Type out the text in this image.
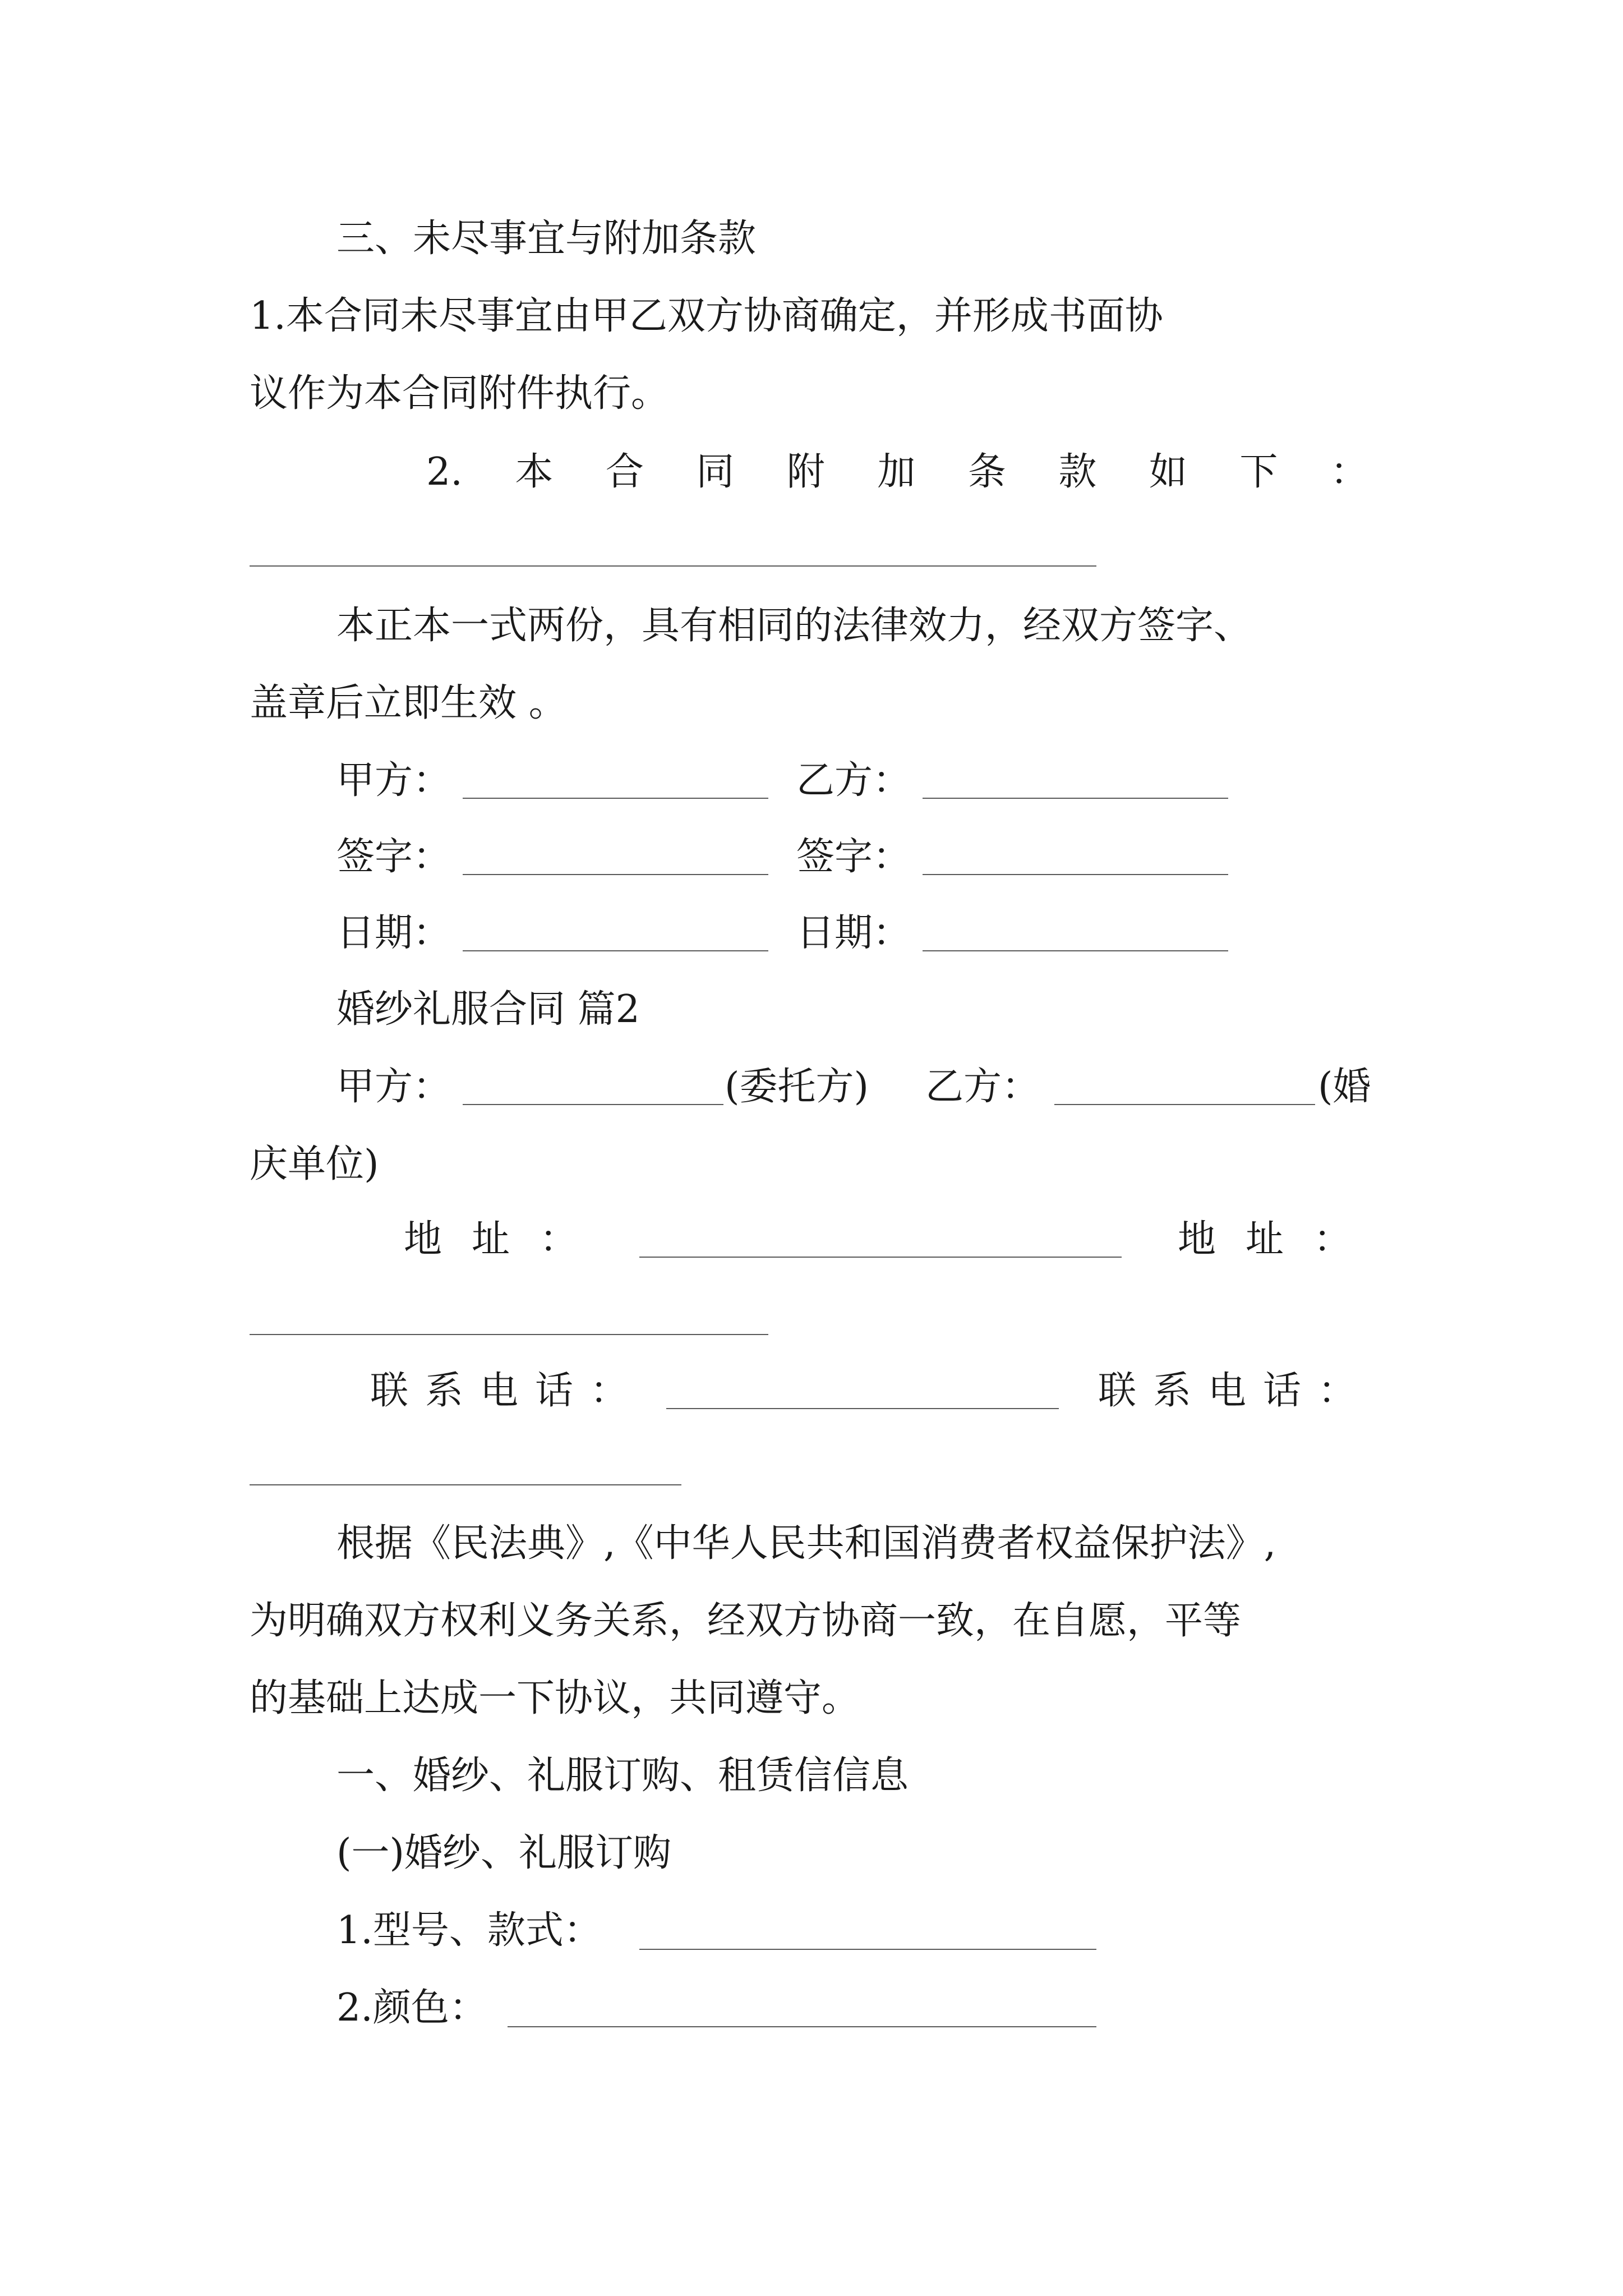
三、未尽事宜与附加条款
1.本合同未尽事宜由甲乙双方协商确定，并形成书面协
议作为本合同附件执行。
2. 本 合 同 附 加 条 款 如 下 ：
本正本一式两份，具有相同的法律效力，经双方签字、
盖章后立即生效 。
甲方：	乙方：
签字：	签字：
日期：	日期：
婚纱礼服合同 篇2
甲方：	(委托方) 乙方：	(婚
庆单位)
地 址 ：	地 址 ：
联 系 电 话 ：	联 系 电 话 ：
根据《民法典》,《中华人民共和国消费者权益保护法》,
为明确双方权利义务关系，经双方协商一致，在自愿，平等
的基础上达成一下协议，共同遵守。
一、婚纱、礼服订购、租赁信信息
(一)婚纱、礼服订购
1.型号、款式：
2.颜色：
